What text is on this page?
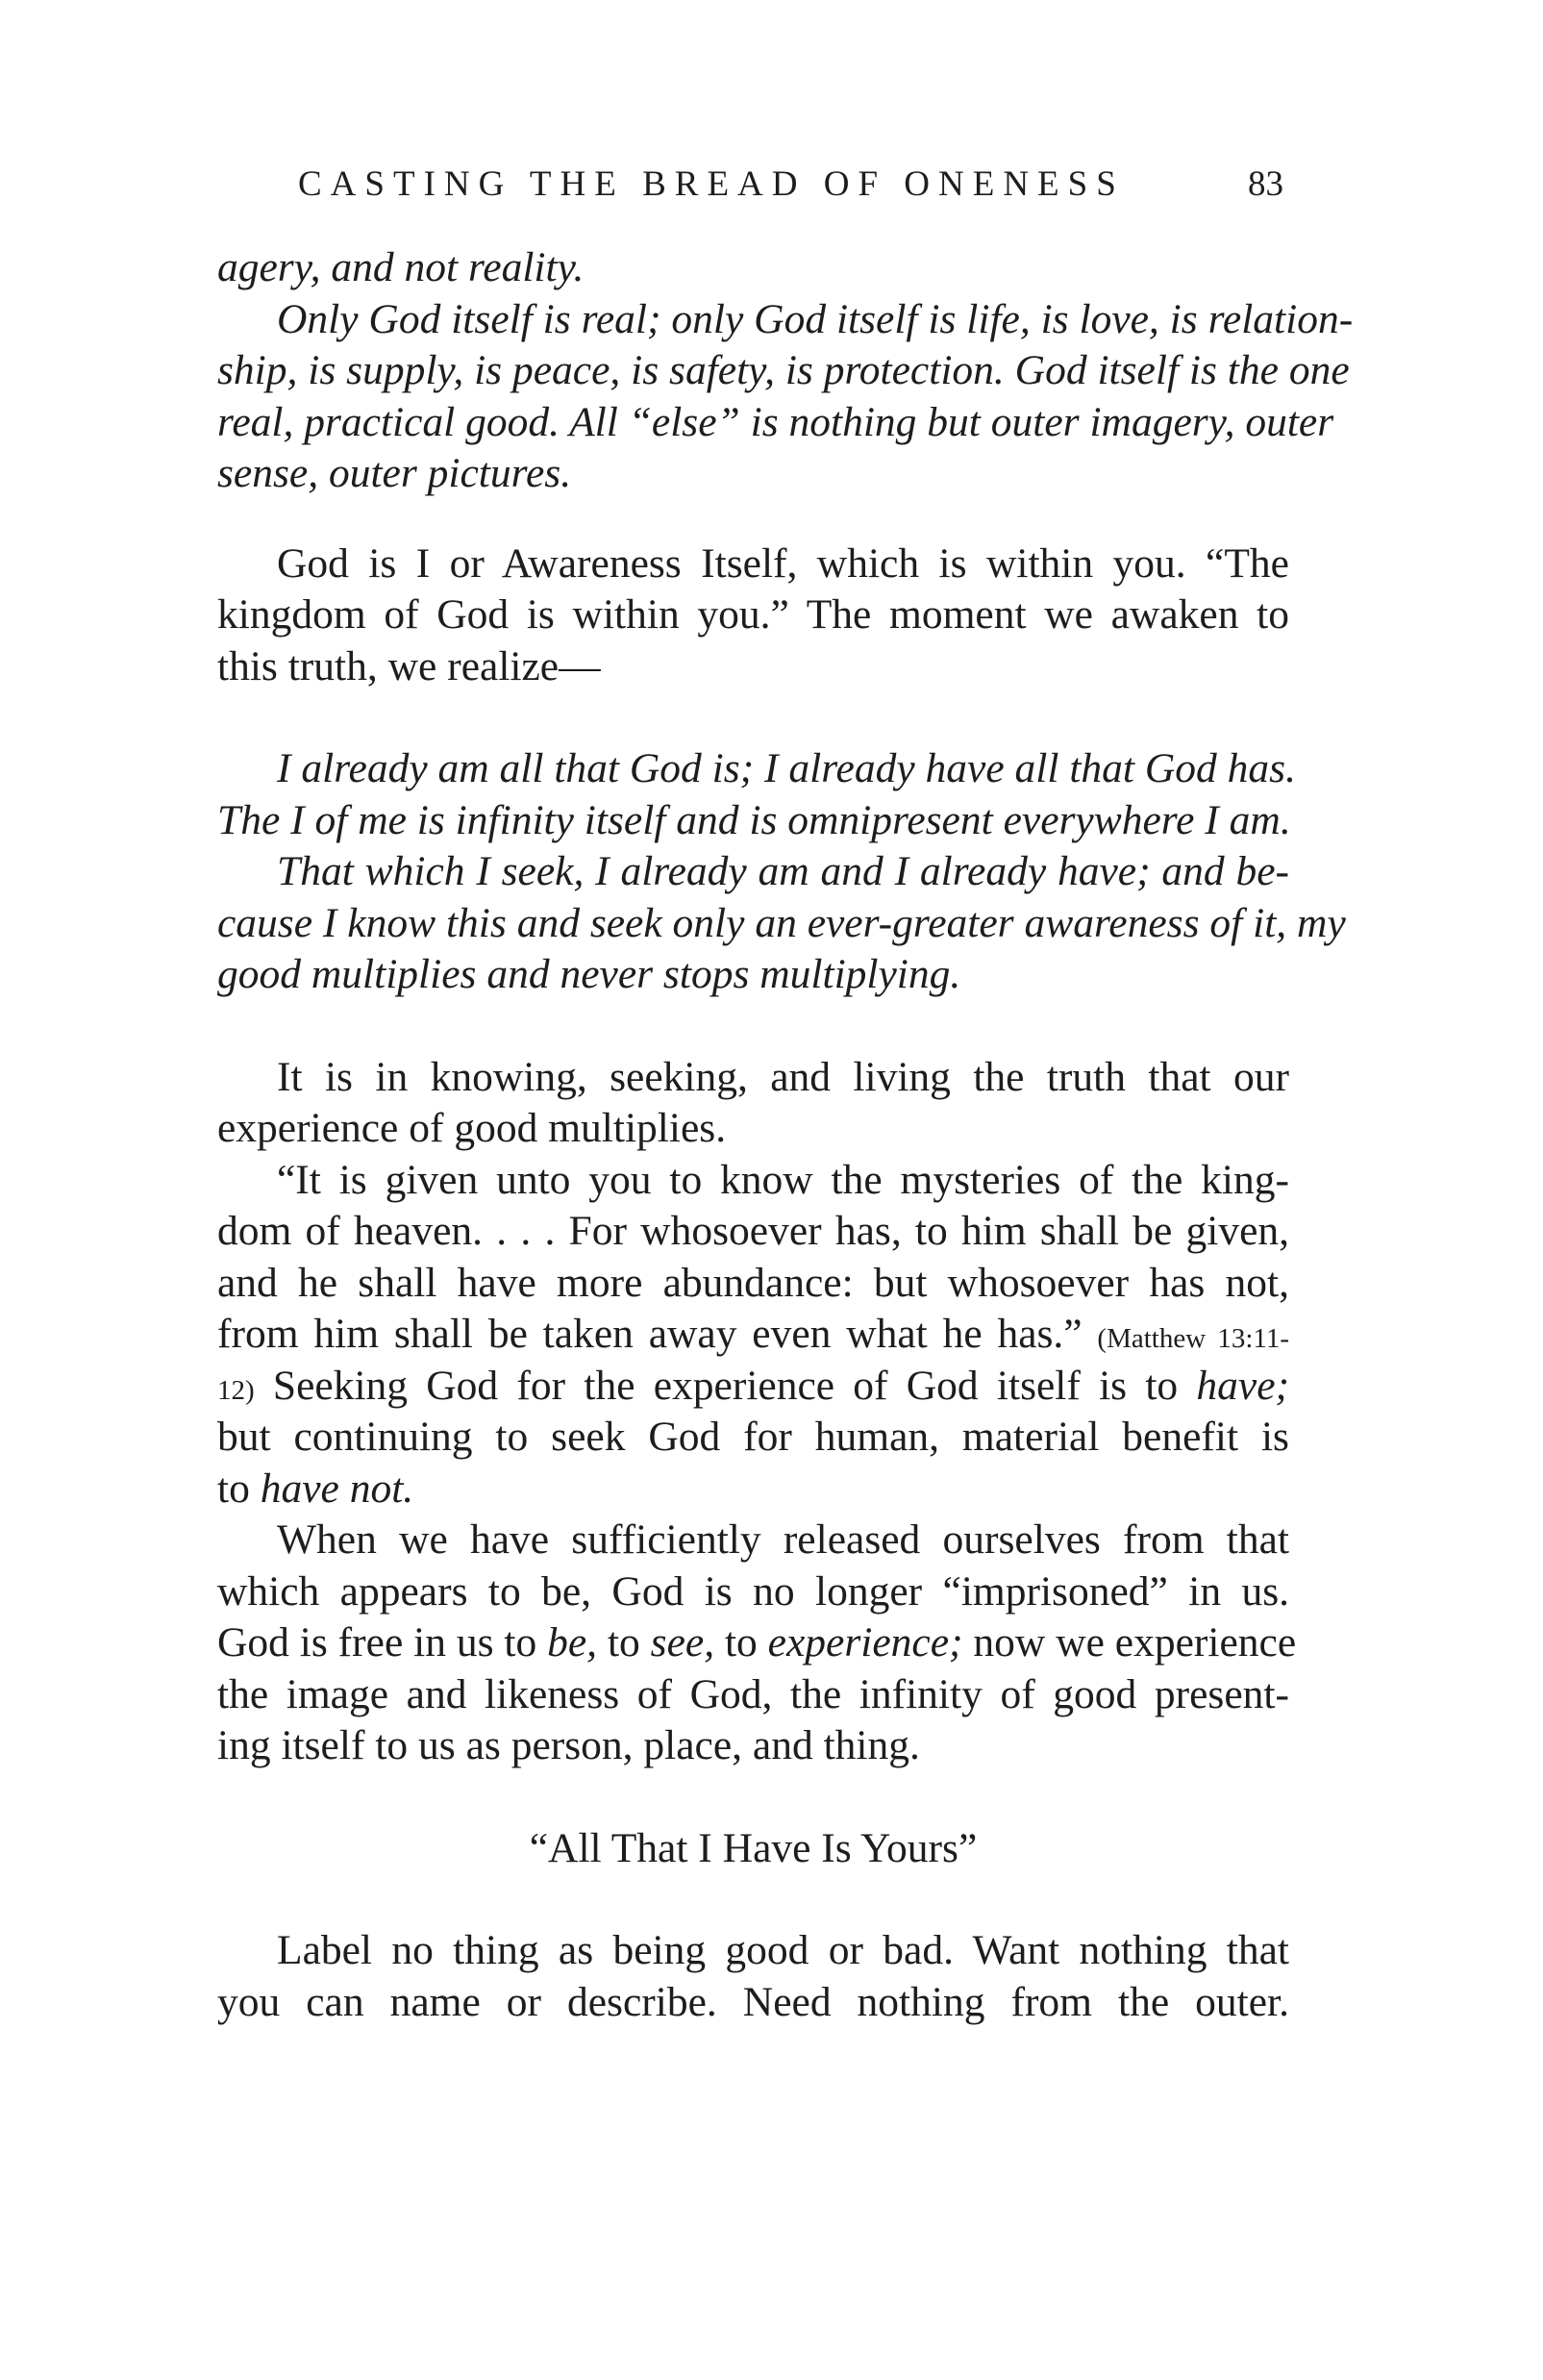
CASTING THE BREAD OF ONENESS	83
agery, and not reality.
Only God itself is real; only God itself is life, is love, is relation-
ship, is supply, is peace, is safety, is protection. God itself is the one
real, practical good. All “else” is nothing but outer imagery, outer
sense, outer pictures.
God is I or Awareness Itself, which is within you. “The
kingdom of God is within you.” The moment we awaken to
this truth, we realize—
I already am all that God is; I already have all that God has.
The I of me is infinity itself and is omnipresent everywhere I am.
That which I seek, I already am and I already have; and be-
cause I know this and seek only an ever-greater awareness of it, my
good multiplies and never stops multiplying.
It is in knowing, seeking, and living the truth that our
experience of good multiplies.
“It is given unto you to know the mysteries of the king-
dom of heaven. . . . For whosoever has, to him shall be given,
and he shall have more abundance: but whosoever has not,
from him shall be taken away even what he has.” (Matthew 13:11-
12) Seeking God for the experience of God itself is to have;
but continuing to seek God for human, material benefit is
to have not.
When we have sufficiently released ourselves from that
which appears to be, God is no longer “imprisoned” in us.
God is free in us to be, to see, to experience; now we experience
the image and likeness of God, the infinity of good present-
ing itself to us as person, place, and thing.
“All That I Have Is Yours”
Label no thing as being good or bad. Want nothing that
you can name or describe. Need nothing from the outer.
